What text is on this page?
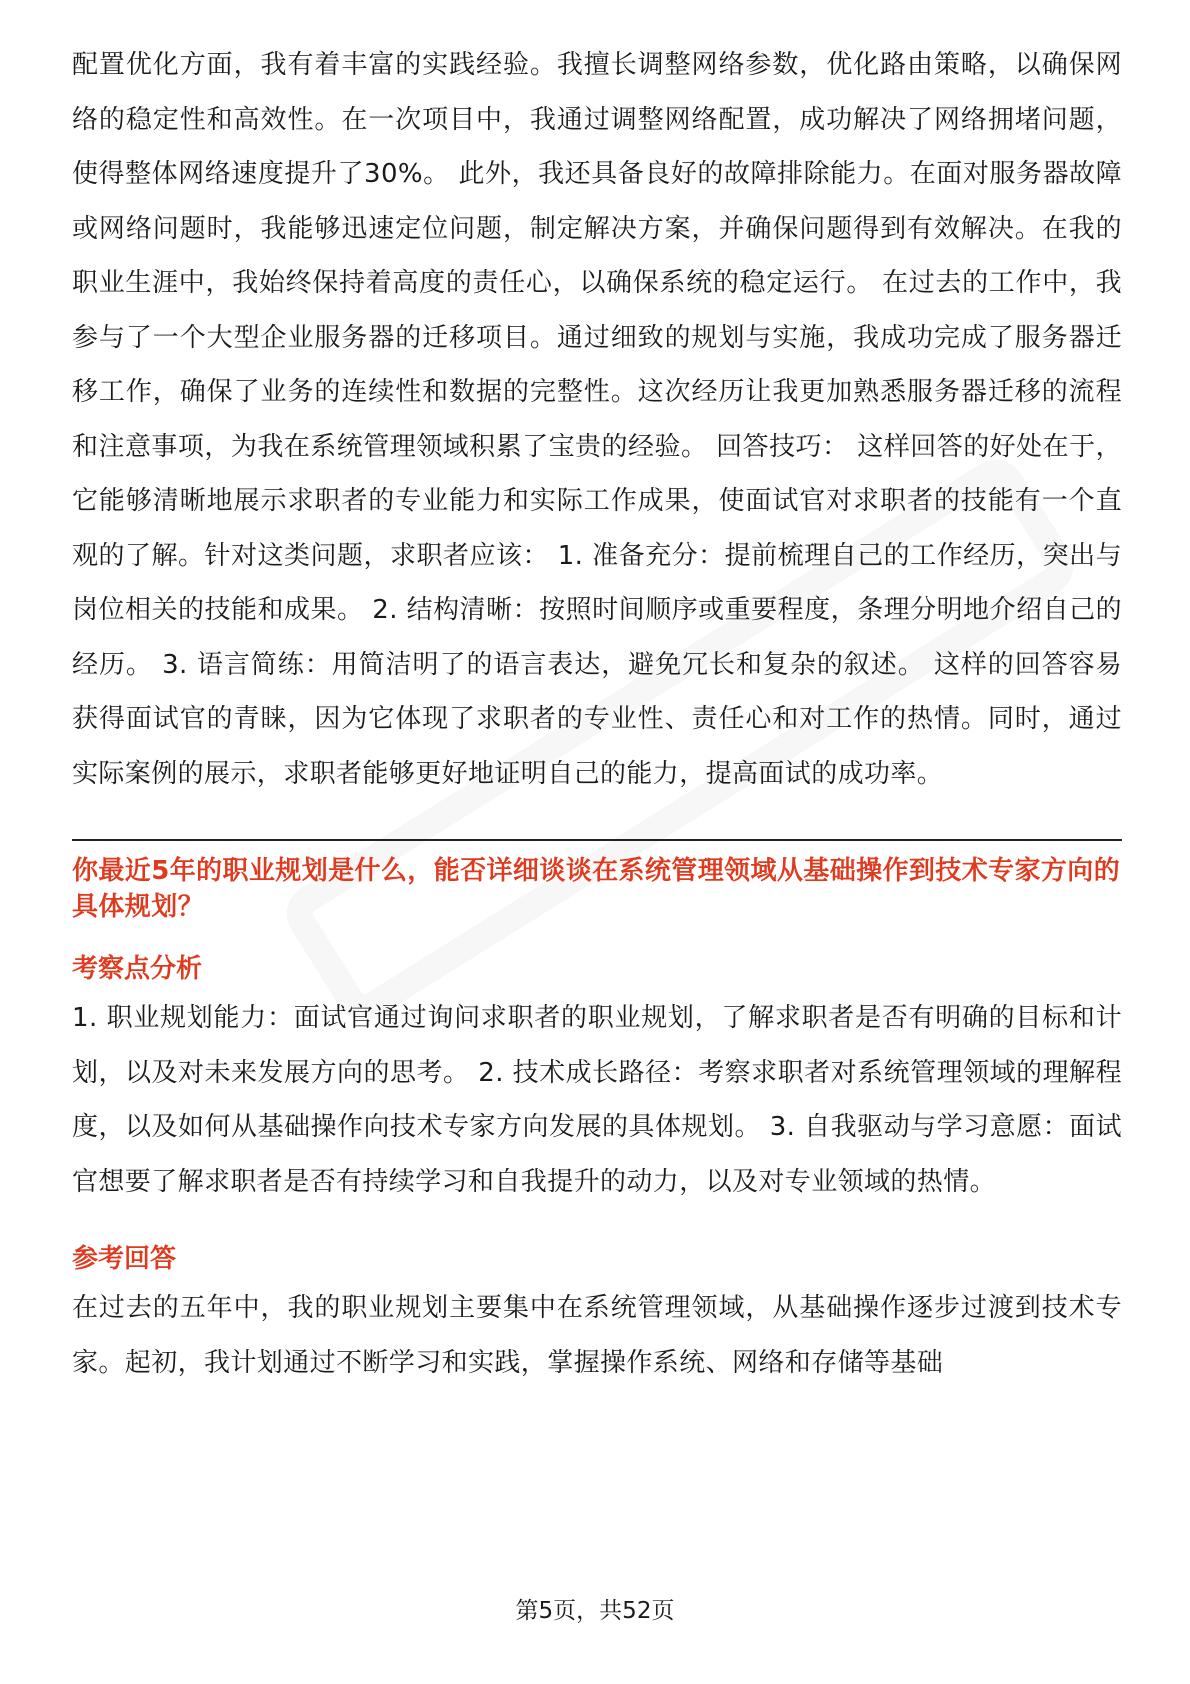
配置优化方面，我有着丰富的实践经验。我擅长调整网络参数，优化路由策略，以确保网络的稳定性和高效性。在一次项目中，我通过调整网络配置，成功解决了网络拥堵问题，使得整体网络速度提升了30%。 此外，我还具备良好的故障排除能力。在面对服务器故障或网络问题时，我能够迅速定位问题，制定解决方案，并确保问题得到有效解决。在我的职业生涯中，我始终保持着高度的责任心，以确保系统的稳定运行。 在过去的工作中，我参与了一个大型企业服务器的迁移项目。通过细致的规划与实施，我成功完成了服务器迁移工作，确保了业务的连续性和数据的完整性。这次经历让我更加熟悉服务器迁移的流程和注意事项，为我在系统管理领域积累了宝贵的经验。 回答技巧： 这样回答的好处在于，它能够清晰地展示求职者的专业能力和实际工作成果，使面试官对求职者的技能有一个直观的了解。针对这类问题，求职者应该： 1. 准备充分：提前梳理自己的工作经历，突出与岗位相关的技能和成果。 2. 结构清晰：按照时间顺序或重要程度，条理分明地介绍自己的经历。 3. 语言简练：用简洁明了的语言表达，避免冗长和复杂的叙述。 这样的回答容易获得面试官的青睐，因为它体现了求职者的专业性、责任心和对工作的热情。同时，通过实际案例的展示，求职者能够更好地证明自己的能力，提高面试的成功率。

你最近5年的职业规划是什么，能否详细谈谈在系统管理领域从基础操作到技术专家方向的具体规划？

考察点分析

1. 职业规划能力：面试官通过询问求职者的职业规划，了解求职者是否有明确的目标和计划，以及对未来发展方向的思考。 2. 技术成长路径：考察求职者对系统管理领域的理解程度，以及如何从基础操作向技术专家方向发展的具体规划。 3. 自我驱动与学习意愿：面试官想要了解求职者是否有持续学习和自我提升的动力，以及对专业领域的热情。

参考回答

在过去的五年中，我的职业规划主要集中在系统管理领域，从基础操作逐步过渡到技术专家。起初，我计划通过不断学习和实践，掌握操作系统、网络和存储等基础

第5页，共52页
